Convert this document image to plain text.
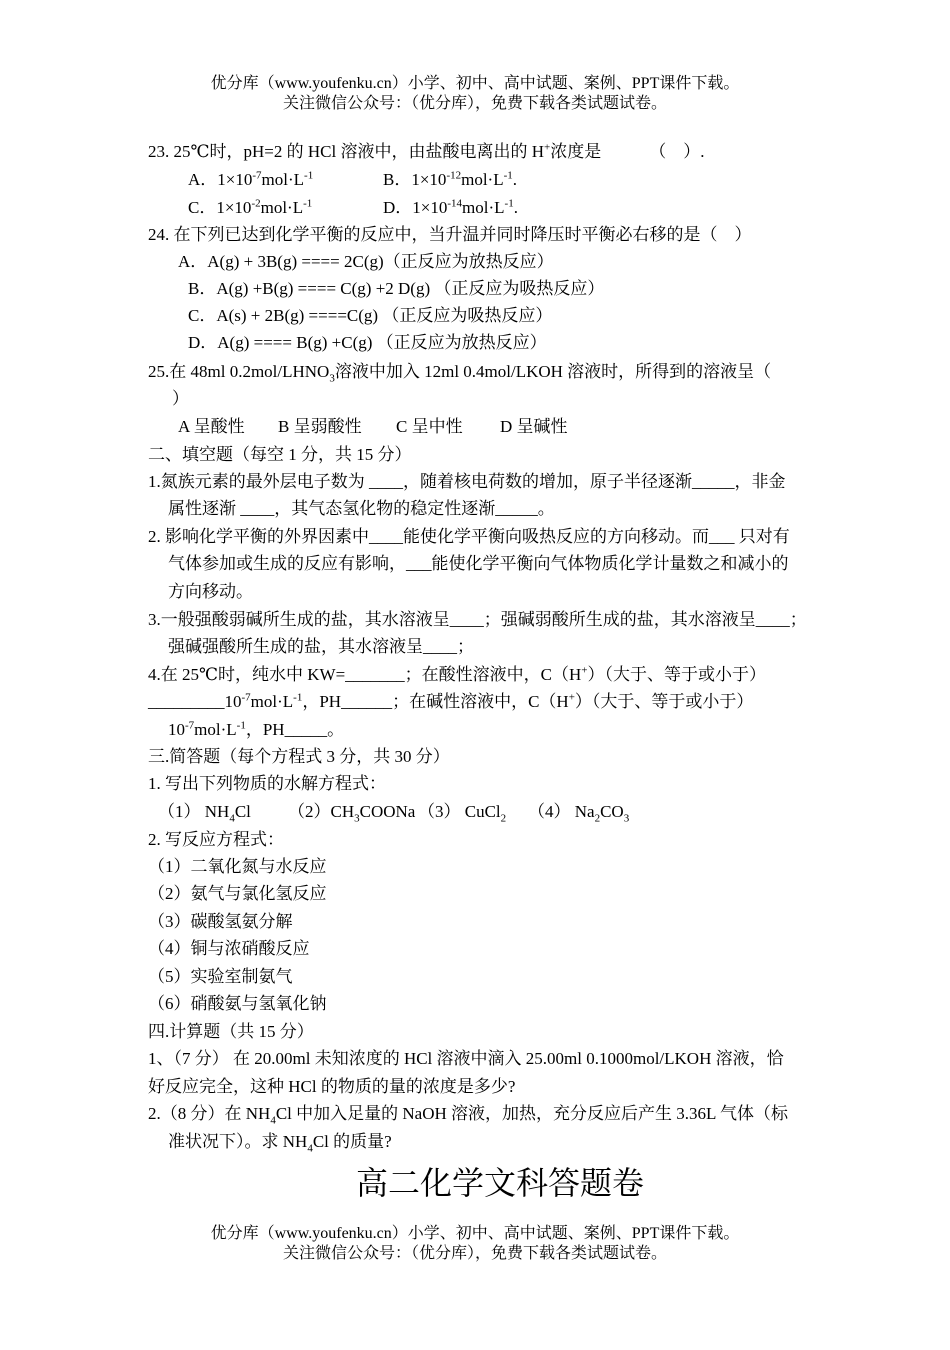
优分库（www.youfenku.cn）小学、初中、高中试题、案例、PPT课件下载。
关注微信公众号：（优分库），免费下载各类试题试卷。
23. 25℃时，pH=2 的 HCl 溶液中，由盐酸电离出的 H+浓度是	（　）.
A．$1\times 10^{-7}mol\cdot L^{-1}$	B．$1\times 10^{-12}mol\cdot L^{-1}$.
C．$1\times 10^{-2}mol\cdot L^{-1}$	D．$1\times 10^{-14}mol\cdot L^{-1}$.
24. 在下列已达到化学平衡的反应中，当升温并同时降压时平衡必右移的是（　）
A．A(g) + 3B(g) ==== 2C(g)（正反应为放热反应）
B．A(g) +B(g) ==== C(g) +2 D(g) （正反应为吸热反应）
C．A(s) + 2B(g) ====C(g) （正反应为吸热反应）
D．A(g) ==== B(g) +C(g) （正反应为放热反应）
25.在 48ml $0.2mol/LHNO_3$溶液中加入 12ml 0.4mol/LKOH 溶液时，所得到的溶液呈（
）
A 呈酸性 B 呈弱酸性 C 呈中性 D 呈碱性
二、填空题（每空 1 分，共 15 分）
1.氮族元素的最外层电子数为 ____，随着核电荷数的增加，原子半径逐渐_____，非金
属性逐渐 ____，其气态氢化物的稳定性逐渐_____。
2. 影响化学平衡的外界因素中____能使化学平衡向吸热反应的方向移动。而___ 只对有
气体参加或生成的反应有影响，___能使化学平衡向气体物质化学计量数之和减小的
方向移动。
3.一般强酸弱碱所生成的盐，其水溶液呈____；强碱弱酸所生成的盐，其水溶液呈____；
强碱强酸所生成的盐，其水溶液呈____；
4.在 25℃时，纯水中 KW=_______；在酸性溶液中，C（H+）（大于、等于或小于）
$\_\_\_\_\_\_\_\_\_10^{-7}mol\cdot L^{-1}$，PH______；在碱性溶液中，C（H+）（大于、等于或小于）
$10^{-7}mol\cdot L^{-1}$，PH_____。
三.简答题（每个方程式 3 分，共 30 分）
1. 写出下列物质的水解方程式：
（1） $NH_4Cl$ $(2)CH_3COONa$ （3） CuCl$_2$ （4） $Na_2CO_3$
2. 写反应方程式：
（1）二氧化氮与水反应
（2）氨气与氯化氢反应
（3）碳酸氢氨分解
（4）铜与浓硝酸反应
（5）实验室制氨气
（6）硝酸氨与氢氧化钠
四.计算题（共 15 分）
1、（7 分） 在 20.00ml 未知浓度的 HCl 溶液中滴入 25.00ml 0.1000mol/LKOH 溶液，恰
好反应完全，这种 HCl 的物质的量的浓度是多少?
2.（8 分）在 $NH_4Cl$ 中加入足量的 NaOH 溶液，加热，充分反应后产生 3.36L 气体（标
准状况下）。求 $NH_4Cl$ 的质量?
高二化学文科答题卷
优分库（www.youfenku.cn）小学、初中、高中试题、案例、PPT课件下载。
关注微信公众号：（优分库），免费下载各类试题试卷。
